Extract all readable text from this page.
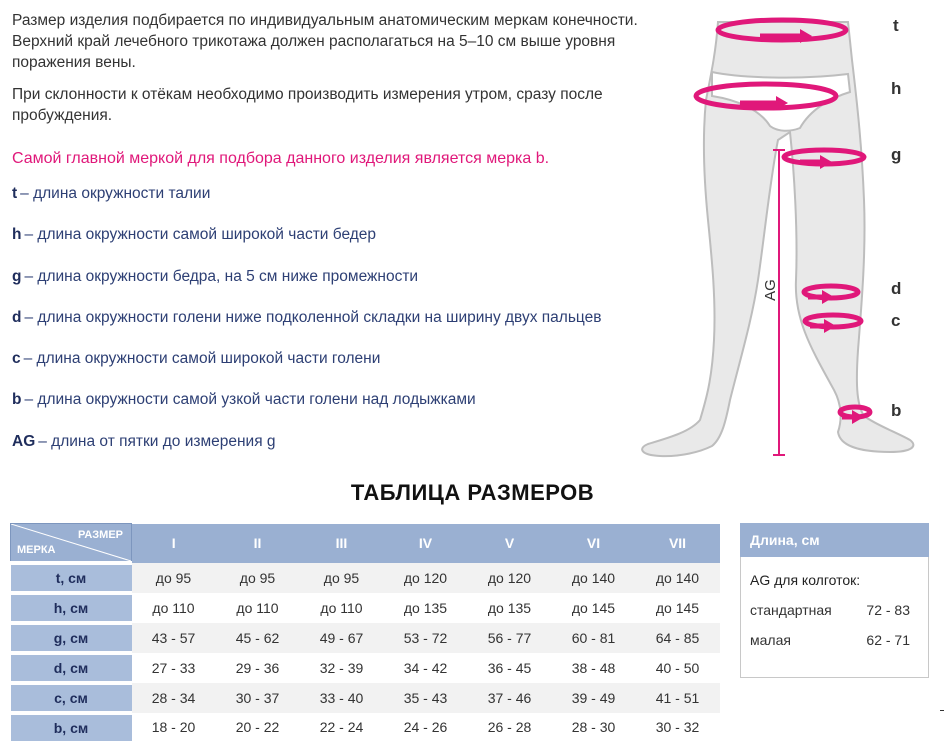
Размер изделия подбирается по индивидуальным анатомическим меркам конечности. Верхний край лечебного трикотажа должен располагаться на 5–10 см выше уровня поражения вены.

При склонности к отёкам необходимо производить измерения утром, сразу после пробуждения.

Самой главной меркой для подбора данного изделия является мерка b.
t – длина окружности талии
h – длина окружности самой широкой части бедер
g – длина окружности бедра, на 5 см ниже промежности
d – длина окружности голени ниже подколенной складки на ширину двух пальцев
c – длина окружности самой широкой части голени
b – длина окружности самой узкой части голени над лодыжками
AG – длина от пятки до измерения g
AG
t
h
g
d
c
b
ТАБЛИЦА РАЗМЕРОВ
РАЗМЕР
МЕРКА	I	II	III	IV	V	VI	VII
t, см	до 95	до 95	до 95	до 120	до 120	до 140	до 140
h, см	до 110	до 110	до 110	до 135	до 135	до 145	до 145
g, см	43 - 57	45 - 62	49 - 67	53 - 72	56 - 77	60 - 81	64 - 85
d, см	27 - 33	29 - 36	32 - 39	34 - 42	36 - 45	38 - 48	40 - 50
c, см	28 - 34	30 - 37	33 - 40	35 - 43	37 - 46	39 - 49	41 - 51
b, см	18 - 20	20 - 22	22 - 24	24 - 26	26 - 28	28 - 30	30 - 32
Длина, см
AG для колготок:
стандартная 72 - 83
малая	62 - 71
